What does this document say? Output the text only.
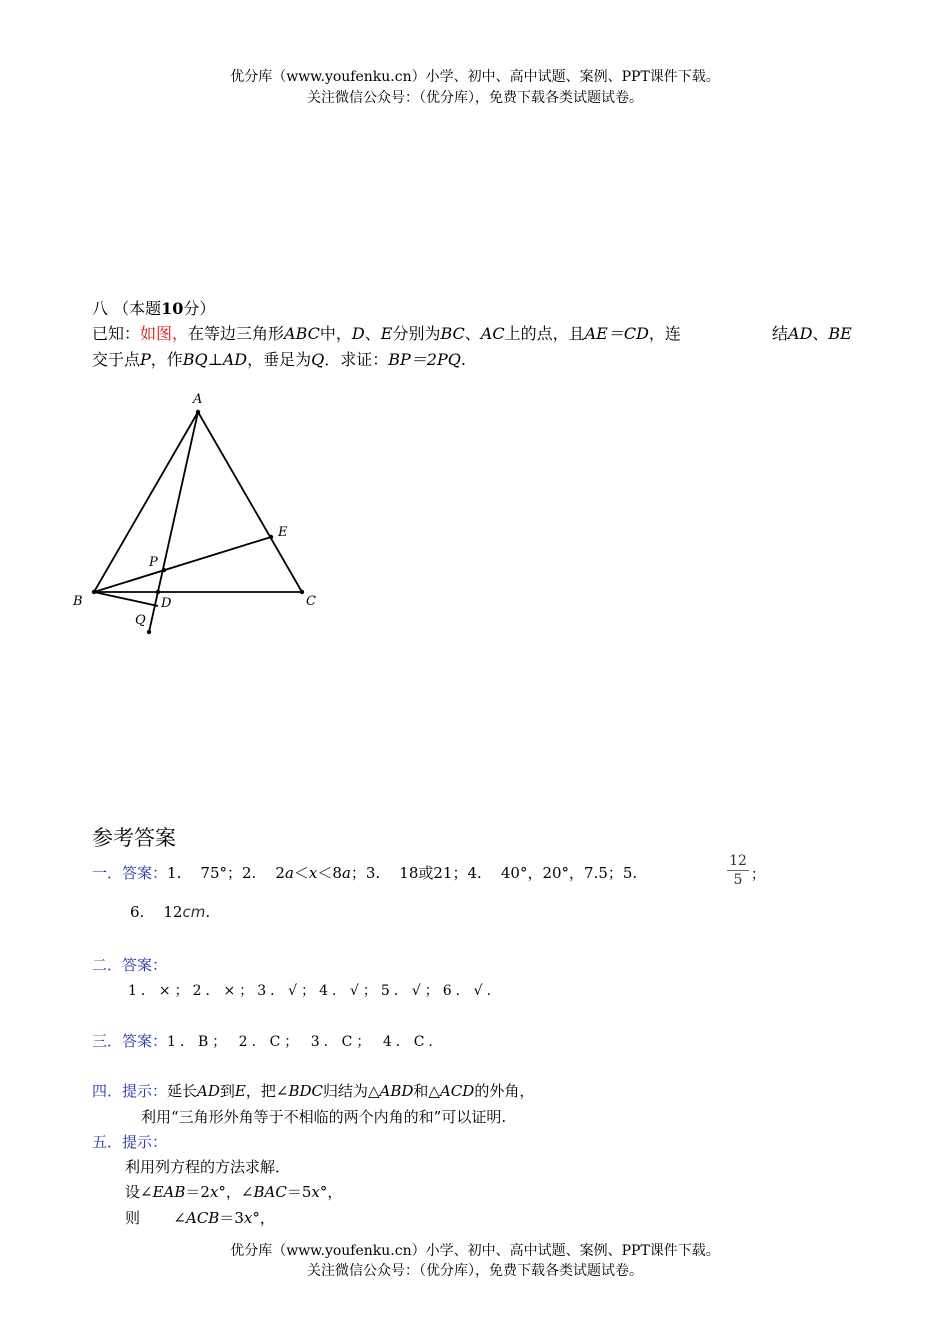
优分库（www.youfenku.cn）小学、初中、高中试题、案例、PPT课件下载。
关注微信公众号：（优分库），免费下载各类试题试卷。
八 （本题10分）
已知：如图，在等边三角形ABC中，D、E分别为BC、AC上的点，且AE＝CD，连	结AD、BE
交于点P，作BQ⊥AD，垂足为Q．求证：BP＝2PQ.
A
B	C
D
E
P
Q
参考答案
一．答案：1. 75°；2. 2a＜x＜8a；3. 18或21；4. 40°，20°，7.5；5.
12
5 ；
6. 12cm.
二．答案：
1．×；2．×；3．√；4．√；5．√；6．√.
三．答案：1．B； 2．C； 3．C； 4．C．
四．提示：延长AD到E，把∠BDC归结为△ABD和△ACD的外角，
利用“三角形外角等于不相临的两个内角的和”可以证明.
五．提示：
利用列方程的方法求解．
设∠EAB＝2x°，∠BAC＝5x°，
则 ∠ACB＝3x°，
优分库（www.youfenku.cn）小学、初中、高中试题、案例、PPT课件下载。
关注微信公众号：（优分库），免费下载各类试题试卷。
